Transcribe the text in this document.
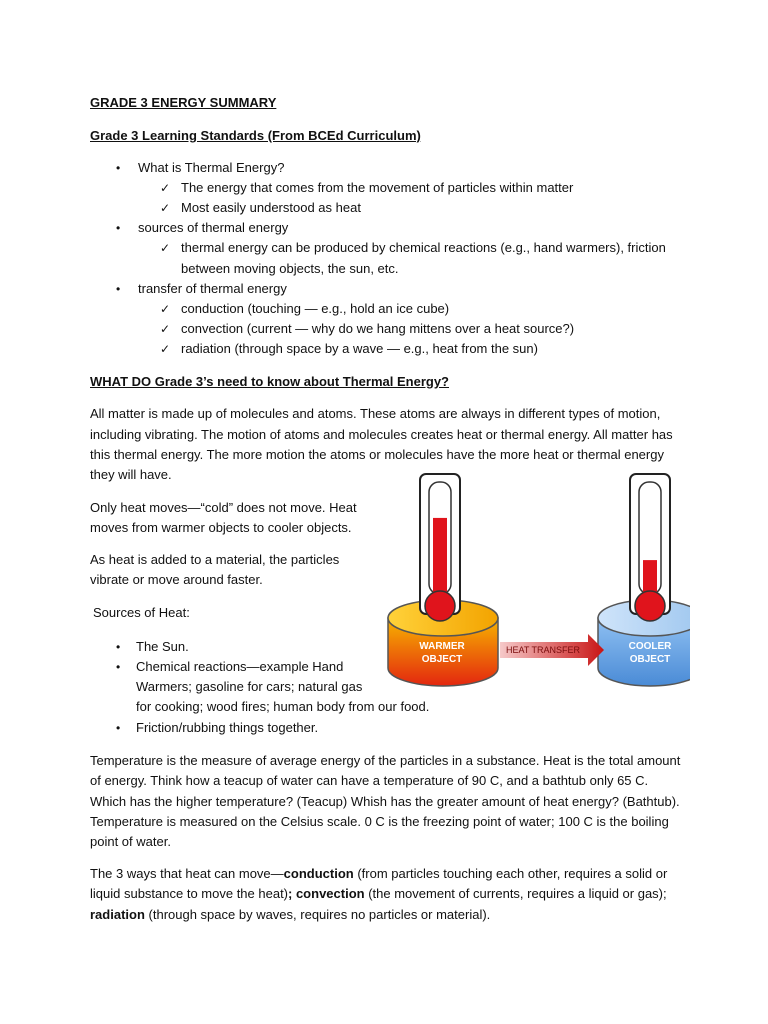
GRADE 3 ENERGY SUMMARY
Grade 3 Learning Standards (From BCEd Curriculum)
• What is Thermal Energy?
✓ The energy that comes from the movement of particles within matter
✓ Most easily understood as heat
• sources of thermal energy
✓ thermal energy can be produced by chemical reactions (e.g., hand warmers), friction
between moving objects, the sun, etc.
• transfer of thermal energy
✓ conduction (touching — e.g., hold an ice cube)
✓ convection (current — why do we hang mittens over a heat source?)
✓ radiation (through space by a wave — e.g., heat from the sun)
WHAT DO Grade 3’s need to know about Thermal Energy?
All matter is made up of molecules and atoms. These atoms are always in different types of motion,
including vibrating. The motion of atoms and molecules creates heat or thermal energy. All matter has
this thermal energy. The more motion the atoms or molecules have the more heat or thermal energy
they will have.
Only heat moves—“cold” does not move. Heat
moves from warmer objects to cooler objects.
As heat is added to a material, the particles
vibrate or move around faster.
Sources of Heat:
• The Sun.
• Chemical reactions—example Hand
Warmers; gasoline for cars; natural gas
for cooking; wood fires; human body from our food.
• Friction/rubbing things together.
Temperature is the measure of average energy of the particles in a substance. Heat is the total amount
of energy. Think how a teacup of water can have a temperature of 90 C, and a bathtub only 65 C.
Which has the higher temperature? (Teacup) Whish has the greater amount of heat energy? (Bathtub).
Temperature is measured on the Celsius scale. 0 C is the freezing point of water; 100 C is the boiling
point of water.
The 3 ways that heat can move—conduction (from particles touching each other, requires a solid or
liquid substance to move the heat); convection (the movement of currents, requires a liquid or gas);
radiation (through space by waves, requires no particles or material).
WARMER
OBJECT
COOLER
OBJECT
HEAT TRANSFER
